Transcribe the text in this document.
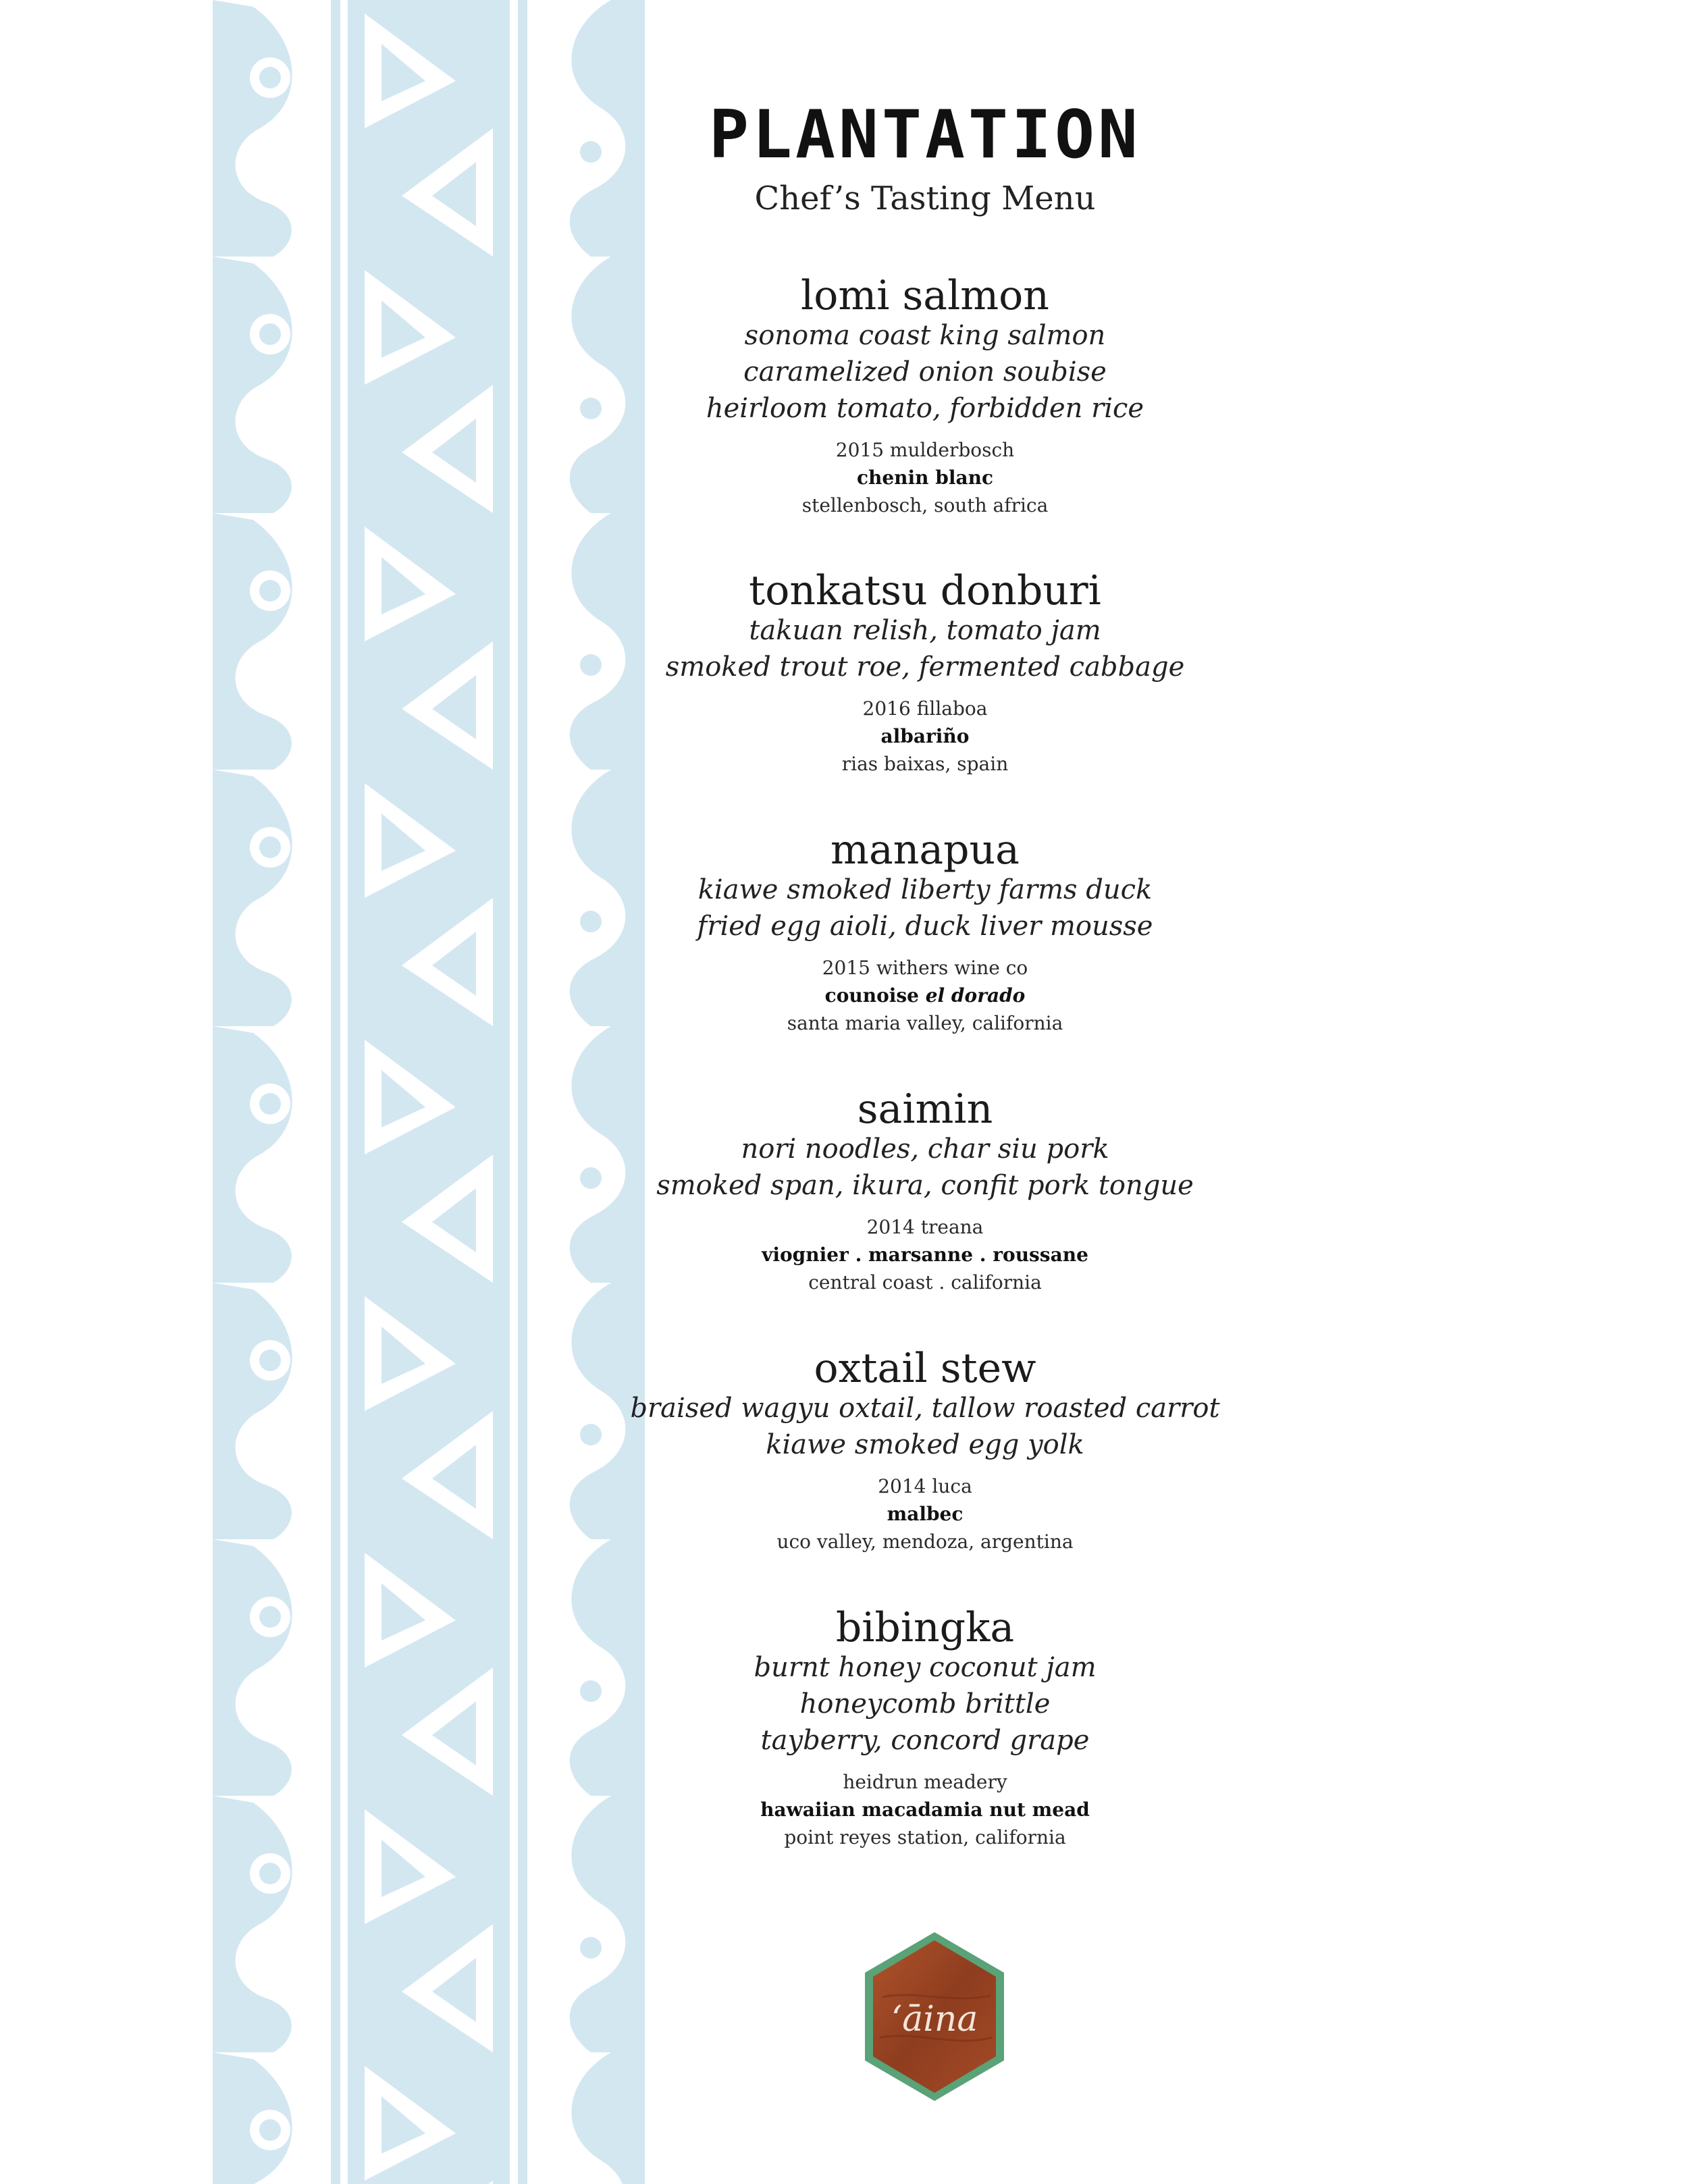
PLANTATION
Chef’s Tasting Menu
lomi salmon
sonoma coast king salmon
caramelized onion soubise
heirloom tomato, forbidden rice
2015 mulderbosch
chenin blanc
stellenbosch, south africa
tonkatsu donburi
takuan relish, tomato jam
smoked trout roe, fermented cabbage
2016 fillaboa
albariño
rias baixas, spain
manapua
kiawe smoked liberty farms duck
fried egg aioli, duck liver mousse
2015 withers wine co
counoise el dorado
santa maria valley, california
saimin
nori noodles, char siu pork
smoked span, ikura, confit pork tongue
2014 treana
viognier . marsanne . roussane
central coast . california
oxtail stew
braised wagyu oxtail, tallow roasted carrot
kiawe smoked egg yolk
2014 luca
malbec
uco valley, mendoza, argentina
bibingka
burnt honey coconut jam
honeycomb brittle
tayberry, concord grape
heidrun meadery
hawaiian macadamia nut mead
point reyes station, california
ʻāina
